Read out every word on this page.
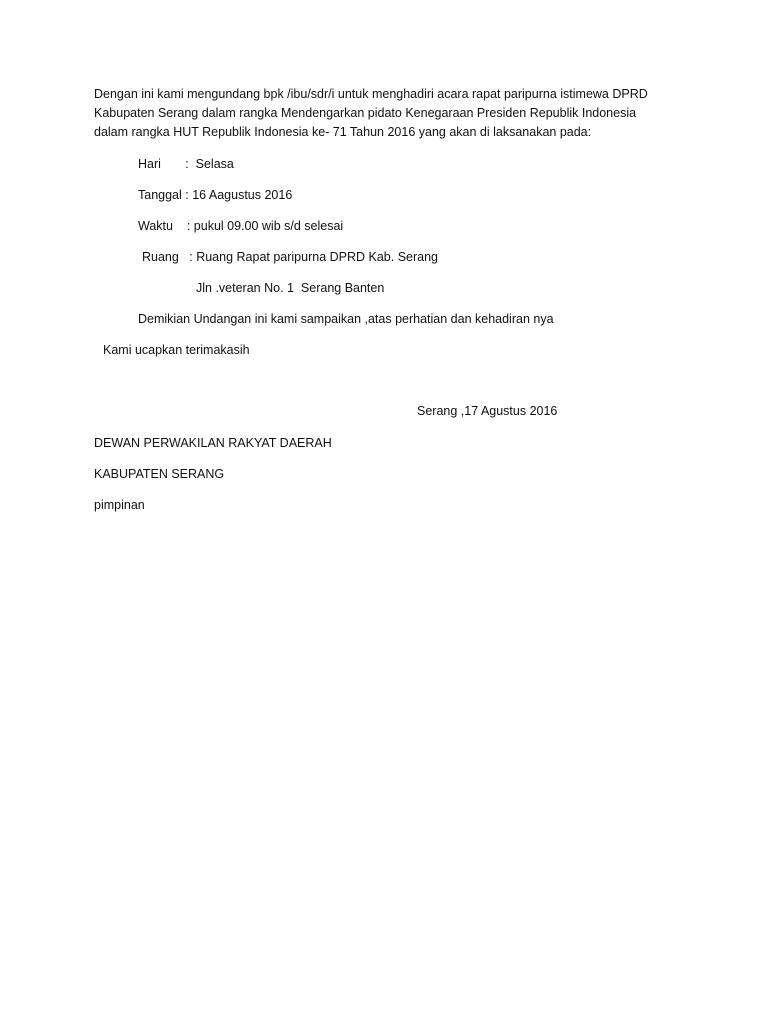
Dengan ini kami mengundang bpk /ibu/sdr/i untuk menghadiri acara rapat paripurna istimewa DPRD

Kabupaten Serang dalam rangka Mendengarkan pidato Kenegaraan Presiden Republik Indonesia

dalam rangka HUT Republik Indonesia ke- 71 Tahun 2016 yang akan di laksanakan pada:

Hari       :  Selasa

Tanggal : 16 Aagustus 2016

Waktu    : pukul 09.00 wib s/d selesai

Ruang   : Ruang Rapat paripurna DPRD Kab. Serang

Jln .veteran No. 1  Serang Banten

Demikian Undangan ini kami sampaikan ,atas perhatian dan kehadiran nya

Kami ucapkan terimakasih

Serang ,17 Agustus 2016

DEWAN PERWAKILAN RAKYAT DAERAH

KABUPATEN SERANG

pimpinan
